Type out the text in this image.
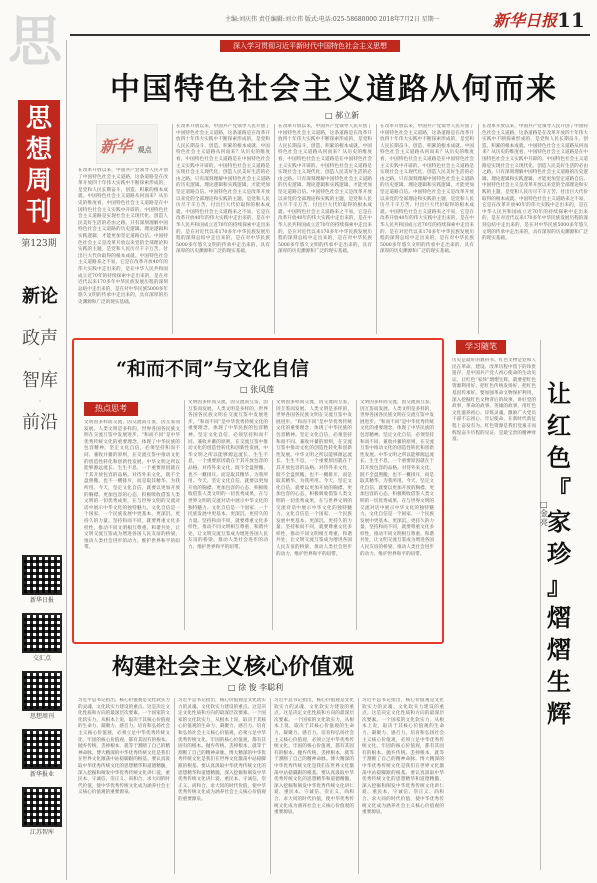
思
思
想
周
刊
第123期
新论
·
政声
·
智库
·
前沿
新华日报
交汇点
思想周刊
新华报业
江苏智库
主编:刘庆伟 责任编辑:刘立伟 版式:电话:025-58680000 2018年7月2日 星期一	新华日报 11
深入学习贯彻习近平新时代中国特色社会主义思想
中国特色社会主义道路从何而来
□ 郝立新
新华 观点
在改革开放以来，中国共产党领导人民开创了中国特色社会主义道路，这条道路是在改革开放四十年伟大实践中不断探索形成的，是党和人民长期奋斗、创造、积累的根本成就。中国特色社会主义道路从何而来？从历史的维度看，中国特色社会主义道路是在中国特色社会主义实践中开辟的。中国特色社会主义道路是实现社会主义现代化、创造人民美好生活的必由之路。只有深刻理解中国特色社会主义道路的历史逻辑、理论逻辑和实践逻辑，才能更加坚定道路自信。中国特色社会主义是改革开放以来党的全部理论和实践的主题，是党和人民历尽千辛万苦、付出巨大代价取得的根本成就。中国特色社会主义道路来之不易，它是在改革开放40年的伟大实践中走出来的，是在中华人民共和国成立近70年的持续探索中走出来的，是在对近代以来170多年中华民族发展历程的深刻总结中走出来的，是在对中华民族5000多年悠久文明的传承中走出来的，具有深厚的历史渊源和广泛的现实基础。
在改革开放以来，中国共产党领导人民开创了中国特色社会主义道路，这条道路是在改革开放四十年伟大实践中不断探索形成的，是党和人民长期奋斗、创造、积累的根本成就。中国特色社会主义道路从何而来？从历史的维度看，中国特色社会主义道路是在中国特色社会主义实践中开辟的。中国特色社会主义道路是实现社会主义现代化、创造人民美好生活的必由之路。只有深刻理解中国特色社会主义道路的历史逻辑、理论逻辑和实践逻辑，才能更加坚定道路自信。中国特色社会主义是改革开放以来党的全部理论和实践的主题，是党和人民历尽千辛万苦、付出巨大代价取得的根本成就。中国特色社会主义道路来之不易，它是在改革开放40年的伟大实践中走出来的，是在中华人民共和国成立近70年的持续探索中走出来的，是在对近代以来170多年中华民族发展历程的深刻总结中走出来的，是在对中华民族5000多年悠久文明的传承中走出来的，具有深厚的历史渊源和广泛的现实基础。
在改革开放以来，中国共产党领导人民开创了中国特色社会主义道路，这条道路是在改革开放四十年伟大实践中不断探索形成的，是党和人民长期奋斗、创造、积累的根本成就。中国特色社会主义道路从何而来？从历史的维度看，中国特色社会主义道路是在中国特色社会主义实践中开辟的。中国特色社会主义道路是实现社会主义现代化、创造人民美好生活的必由之路。只有深刻理解中国特色社会主义道路的历史逻辑、理论逻辑和实践逻辑，才能更加坚定道路自信。中国特色社会主义是改革开放以来党的全部理论和实践的主题，是党和人民历尽千辛万苦、付出巨大代价取得的根本成就。中国特色社会主义道路来之不易，它是在改革开放40年的伟大实践中走出来的，是在中华人民共和国成立近70年的持续探索中走出来的，是在对近代以来170多年中华民族发展历程的深刻总结中走出来的，是在对中华民族5000多年悠久文明的传承中走出来的，具有深厚的历史渊源和广泛的现实基础。
在改革开放以来，中国共产党领导人民开创了中国特色社会主义道路，这条道路是在改革开放四十年伟大实践中不断探索形成的，是党和人民长期奋斗、创造、积累的根本成就。中国特色社会主义道路从何而来？从历史的维度看，中国特色社会主义道路是在中国特色社会主义实践中开辟的。中国特色社会主义道路是实现社会主义现代化、创造人民美好生活的必由之路。只有深刻理解中国特色社会主义道路的历史逻辑、理论逻辑和实践逻辑，才能更加坚定道路自信。中国特色社会主义是改革开放以来党的全部理论和实践的主题，是党和人民历尽千辛万苦、付出巨大代价取得的根本成就。中国特色社会主义道路来之不易，它是在改革开放40年的伟大实践中走出来的，是在中华人民共和国成立近70年的持续探索中走出来的，是在对近代以来170多年中华民族发展历程的深刻总结中走出来的，是在对中华民族5000多年悠久文明的传承中走出来的，具有深厚的历史渊源和广泛的现实基础。
在改革开放以来，中国共产党领导人民开创了中国特色社会主义道路，这条道路是在改革开放四十年伟大实践中不断探索形成的，是党和人民长期奋斗、创造、积累的根本成就。中国特色社会主义道路从何而来？从历史的维度看，中国特色社会主义道路是在中国特色社会主义实践中开辟的。中国特色社会主义道路是实现社会主义现代化、创造人民美好生活的必由之路。只有深刻理解中国特色社会主义道路的历史逻辑、理论逻辑和实践逻辑，才能更加坚定道路自信。中国特色社会主义是改革开放以来党的全部理论和实践的主题，是党和人民历尽千辛万苦、付出巨大代价取得的根本成就。中国特色社会主义道路来之不易，它是在改革开放40年的伟大实践中走出来的，是在中华人民共和国成立近70年的持续探索中走出来的，是在对近代以来170多年中华民族发展历程的深刻总结中走出来的，是在对中华民族5000多年悠久文明的传承中走出来的，具有深厚的历史渊源和广泛的现实基础。
“和而不同”与文化自信
□ 张凤莲
热点思考
文明因多样而交流，因交流而互鉴，因互鉴而发展。人类文明是多样的，世界各国各民族文明在交流互鉴中发展进步。“和而不同”是中华优秀传统文化的重要理念，体现了中华民族的包容精神。坚定文化自信，必须坚持和而不同、兼收并蓄的原则，在交流互鉴中推动文化的创造性转化和创新性发展。中华文明之所以能够源远流长、生生不息，一个重要原因就在于其开放包容的品格。对待外来文化，既不全盘照搬，也不一概排斥，而是取其精华、为我所用。今天，坚定文化自信，就要以更加开放的胸襟、更加包容的心态，积极吸收借鉴人类文明的一切优秀成果，在与世界文明的交流对话中展示中华文化的独特魅力。文化自信是一个国家、一个民族发展中更基本、更深沉、更持久的力量。坚持和而不同，就要尊重文化多样性，推动不同文明相互尊重、和谐共处，让文明交流互鉴成为增进各国人民友谊的桥梁、推动人类社会进步的动力、维护世界和平的纽带。
文明因多样而交流，因交流而互鉴，因互鉴而发展。人类文明是多样的，世界各国各民族文明在交流互鉴中发展进步。“和而不同”是中华优秀传统文化的重要理念，体现了中华民族的包容精神。坚定文化自信，必须坚持和而不同、兼收并蓄的原则，在交流互鉴中推动文化的创造性转化和创新性发展。中华文明之所以能够源远流长、生生不息，一个重要原因就在于其开放包容的品格。对待外来文化，既不全盘照搬，也不一概排斥，而是取其精华、为我所用。今天，坚定文化自信，就要以更加开放的胸襟、更加包容的心态，积极吸收借鉴人类文明的一切优秀成果，在与世界文明的交流对话中展示中华文化的独特魅力。文化自信是一个国家、一个民族发展中更基本、更深沉、更持久的力量。坚持和而不同，就要尊重文化多样性，推动不同文明相互尊重、和谐共处，让文明交流互鉴成为增进各国人民友谊的桥梁、推动人类社会进步的动力、维护世界和平的纽带。
文明因多样而交流，因交流而互鉴，因互鉴而发展。人类文明是多样的，世界各国各民族文明在交流互鉴中发展进步。“和而不同”是中华优秀传统文化的重要理念，体现了中华民族的包容精神。坚定文化自信，必须坚持和而不同、兼收并蓄的原则，在交流互鉴中推动文化的创造性转化和创新性发展。中华文明之所以能够源远流长、生生不息，一个重要原因就在于其开放包容的品格。对待外来文化，既不全盘照搬，也不一概排斥，而是取其精华、为我所用。今天，坚定文化自信，就要以更加开放的胸襟、更加包容的心态，积极吸收借鉴人类文明的一切优秀成果，在与世界文明的交流对话中展示中华文化的独特魅力。文化自信是一个国家、一个民族发展中更基本、更深沉、更持久的力量。坚持和而不同，就要尊重文化多样性，推动不同文明相互尊重、和谐共处，让文明交流互鉴成为增进各国人民友谊的桥梁、推动人类社会进步的动力、维护世界和平的纽带。
文明因多样而交流，因交流而互鉴，因互鉴而发展。人类文明是多样的，世界各国各民族文明在交流互鉴中发展进步。“和而不同”是中华优秀传统文化的重要理念，体现了中华民族的包容精神。坚定文化自信，必须坚持和而不同、兼收并蓄的原则，在交流互鉴中推动文化的创造性转化和创新性发展。中华文明之所以能够源远流长、生生不息，一个重要原因就在于其开放包容的品格。对待外来文化，既不全盘照搬，也不一概排斥，而是取其精华、为我所用。今天，坚定文化自信，就要以更加开放的胸襟、更加包容的心态，积极吸收借鉴人类文明的一切优秀成果，在与世界文明的交流对话中展示中华文化的独特魅力。文化自信是一个国家、一个民族发展中更基本、更深沉、更持久的力量。坚持和而不同，就要尊重文化多样性，推动不同文明相互尊重、和谐共处，让文明交流互鉴成为增进各国人民友谊的桥梁、推动人类社会进步的动力、维护世界和平的纽带。
学习随笔
历史是最好的教科书。红色文物是党和人民在革命、建设、改革历程中留下的珍贵遗存，是中国共产党人初心使命的生动见证。让红色“家珍”熠熠生辉，就要把红色资源利用好、把红色传统发扬好、把红色基因传承好。要加强革命文物保护利用，深入挖掘红色文物背后的故事，讲好党的故事、革命的故事、英雄的故事，用红色文化滋养初心、淬炼灵魂，激励广大党员干部不忘初心、牢记使命，在新时代新征程上奋发有为。红色资源是我们党艰辛而辉煌奋斗历程的见证，是最宝贵的精神财富。
让
红
色
『
家
珍
』
熠
熠
生
辉
□ 金亮
构建社会主义核心价值观
□ 徐 俊 李聪利
习近平总书记指出，核心价值观是文化软实力的灵魂、文化软实力建设的重点。这是决定文化性质和方向的最深层次要素。一个国家的文化软实力，从根本上说，取决于其核心价值观的生命力、凝聚力、感召力。培育和弘扬社会主义核心价值观，必须立足中华优秀传统文化。牢固的核心价值观，都有其固有的根本。抛弃传统、丢掉根本，就等于割断了自己的精神命脉。博大精深的中华优秀传统文化是我们在世界文化激荡中站稳脚跟的根基。要认真汲取中华优秀传统文化的思想精华和道德精髓，深入挖掘和阐发中华优秀传统文化讲仁爱、重民本、守诚信、崇正义、尚和合、求大同的时代价值，使中华优秀传统文化成为涵养社会主义核心价值观的重要源泉。
习近平总书记指出，核心价值观是文化软实力的灵魂、文化软实力建设的重点。这是决定文化性质和方向的最深层次要素。一个国家的文化软实力，从根本上说，取决于其核心价值观的生命力、凝聚力、感召力。培育和弘扬社会主义核心价值观，必须立足中华优秀传统文化。牢固的核心价值观，都有其固有的根本。抛弃传统、丢掉根本，就等于割断了自己的精神命脉。博大精深的中华优秀传统文化是我们在世界文化激荡中站稳脚跟的根基。要认真汲取中华优秀传统文化的思想精华和道德精髓，深入挖掘和阐发中华优秀传统文化讲仁爱、重民本、守诚信、崇正义、尚和合、求大同的时代价值，使中华优秀传统文化成为涵养社会主义核心价值观的重要源泉。
习近平总书记指出，核心价值观是文化软实力的灵魂、文化软实力建设的重点。这是决定文化性质和方向的最深层次要素。一个国家的文化软实力，从根本上说，取决于其核心价值观的生命力、凝聚力、感召力。培育和弘扬社会主义核心价值观，必须立足中华优秀传统文化。牢固的核心价值观，都有其固有的根本。抛弃传统、丢掉根本，就等于割断了自己的精神命脉。博大精深的中华优秀传统文化是我们在世界文化激荡中站稳脚跟的根基。要认真汲取中华优秀传统文化的思想精华和道德精髓，深入挖掘和阐发中华优秀传统文化讲仁爱、重民本、守诚信、崇正义、尚和合、求大同的时代价值，使中华优秀传统文化成为涵养社会主义核心价值观的重要源泉。
习近平总书记指出，核心价值观是文化软实力的灵魂、文化软实力建设的重点。这是决定文化性质和方向的最深层次要素。一个国家的文化软实力，从根本上说，取决于其核心价值观的生命力、凝聚力、感召力。培育和弘扬社会主义核心价值观，必须立足中华优秀传统文化。牢固的核心价值观，都有其固有的根本。抛弃传统、丢掉根本，就等于割断了自己的精神命脉。博大精深的中华优秀传统文化是我们在世界文化激荡中站稳脚跟的根基。要认真汲取中华优秀传统文化的思想精华和道德精髓，深入挖掘和阐发中华优秀传统文化讲仁爱、重民本、守诚信、崇正义、尚和合、求大同的时代价值，使中华优秀传统文化成为涵养社会主义核心价值观的重要源泉。
